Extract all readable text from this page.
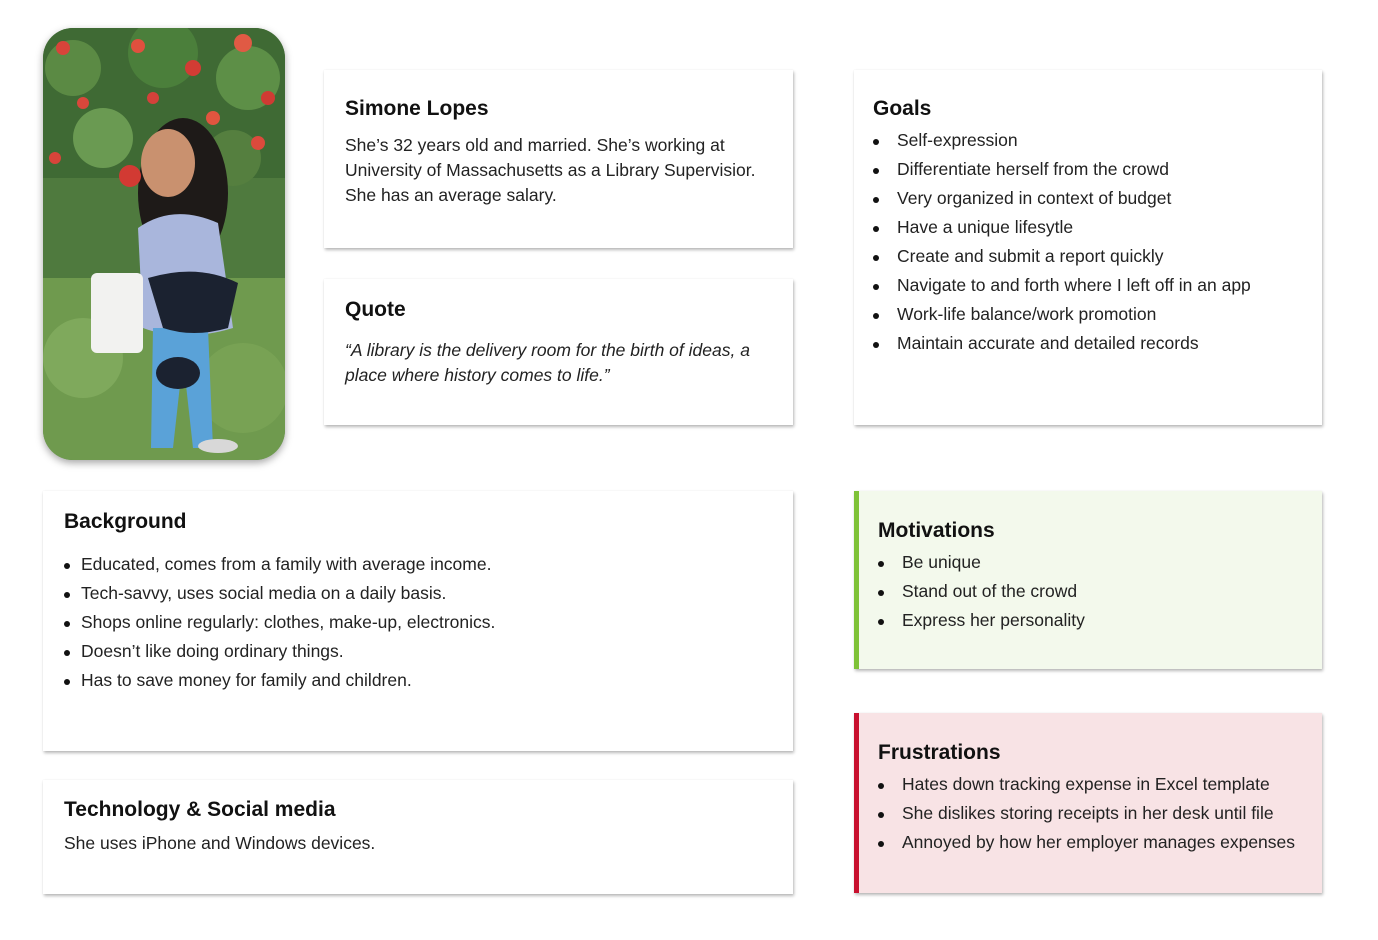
Simone Lopes

She’s 32 years old and married. She’s working at University of Massachusetts as a Library Supervisior. She has an average salary.

Quote

“A library is the delivery room for the birth of ideas, a place where history comes to life.”

Goals
Self-expression
Differentiate herself from the crowd
Very organized in context of budget
Have a unique lifesytle
Create and submit a report quickly
Navigate to and forth where I left off in an app
Work-life balance/work promotion
Maintain accurate and detailed records
Background
Educated, comes from a family with average income.
Tech-savvy, uses social media on a daily basis.
Shops online regularly: clothes, make-up, electronics.
Doesn’t like doing ordinary things.
Has to save money for family and children.
Technology & Social media

She uses iPhone and Windows devices.

Motivations
Be unique
Stand out of the crowd
Express her personality
Frustrations
Hates down tracking expense in Excel template
She dislikes storing receipts in her desk until file
Annoyed by how her employer manages expenses
